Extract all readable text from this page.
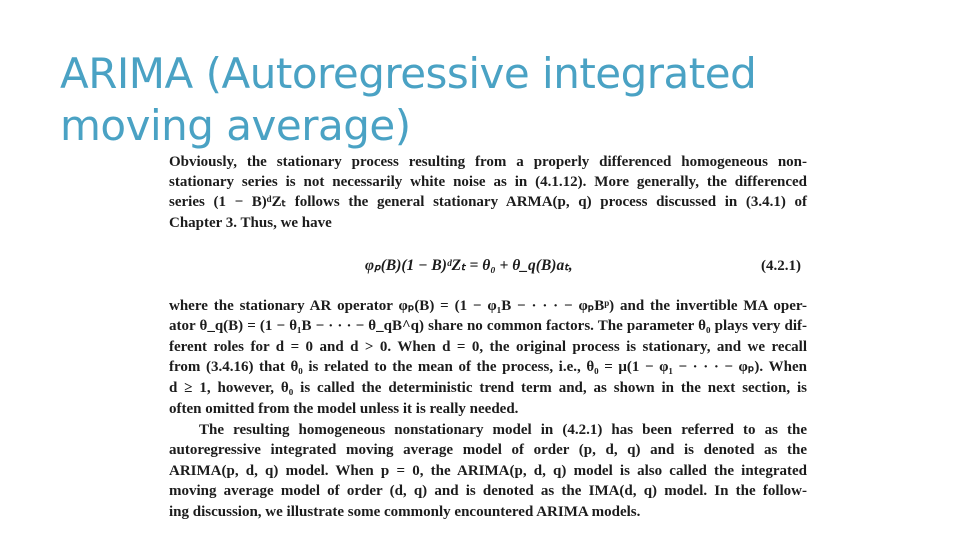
ARIMA (Autoregressive integrated
moving average)
Obviously, the stationary process resulting from a properly differenced homogeneous non-
stationary series is not necessarily white noise as in (4.1.12). More generally, the differenced
series (1 − B)ᵈZₜ follows the general stationary ARMA(p, q) process discussed in (3.4.1) of
Chapter 3. Thus, we have
φₚ(B)(1 − B)ᵈZₜ = θ₀ + θ_q(B)aₜ,	(4.2.1)
where the stationary AR operator φₚ(B) = (1 − φ₁B − · · · − φₚBᵖ) and the invertible MA oper-
ator θ_q(B) = (1 − θ₁B − · · · − θ_qB^q) share no common factors. The parameter θ₀ plays very dif-
ferent roles for d = 0 and d > 0. When d = 0, the original process is stationary, and we recall
from (3.4.16) that θ₀ is related to the mean of the process, i.e., θ₀ = μ(1 − φ₁ − · · · − φₚ). When
d ≥ 1, however, θ₀ is called the deterministic trend term and, as shown in the next section, is
often omitted from the model unless it is really needed.
The resulting homogeneous nonstationary model in (4.2.1) has been referred to as the
autoregressive integrated moving average model of order (p, d, q) and is denoted as the
ARIMA(p, d, q) model. When p = 0, the ARIMA(p, d, q) model is also called the integrated
moving average model of order (d, q) and is denoted as the IMA(d, q) model. In the follow-
ing discussion, we illustrate some commonly encountered ARIMA models.
